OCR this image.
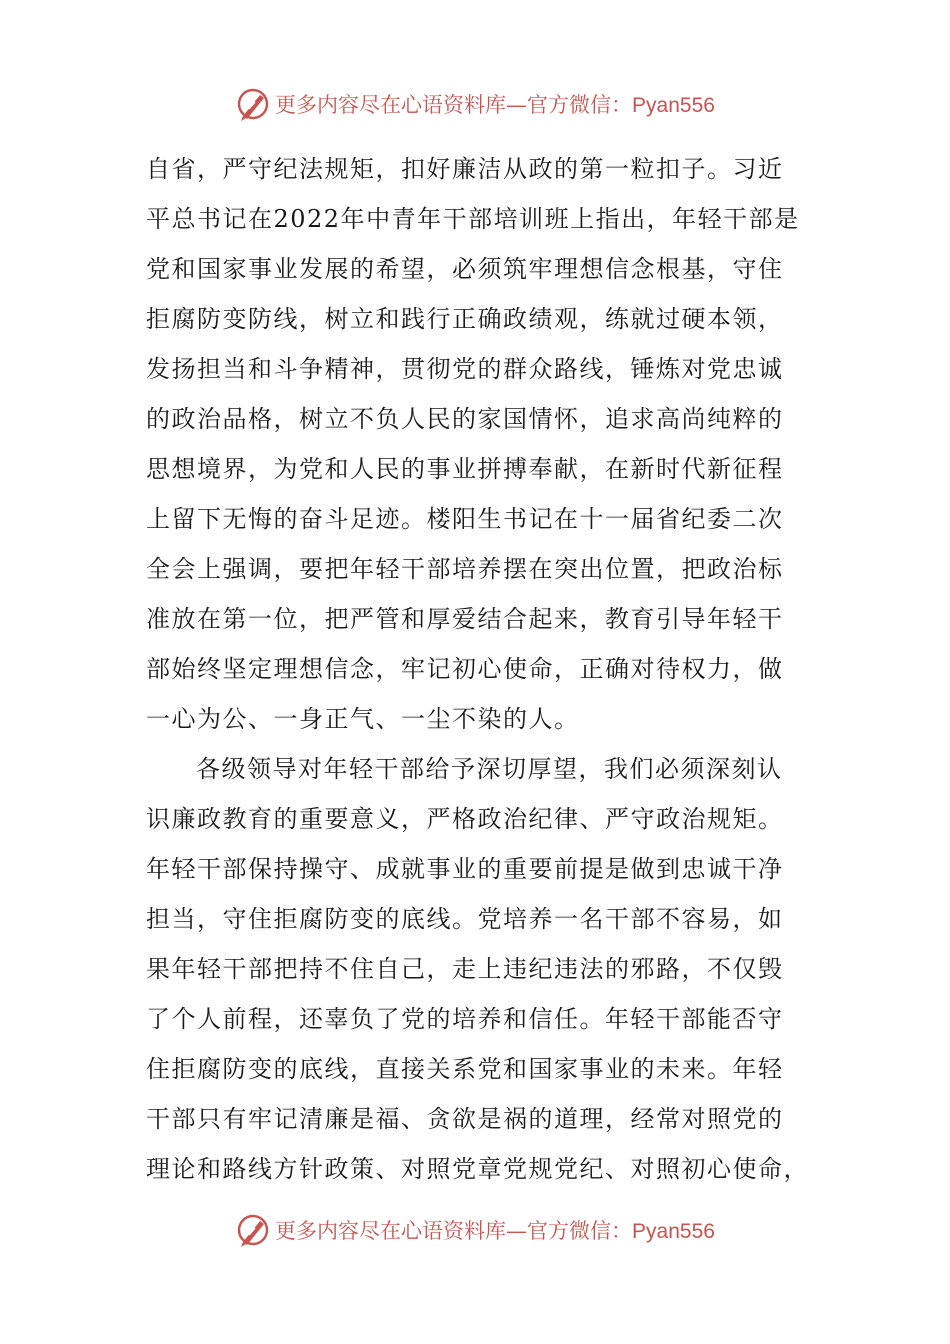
更多内容尽在心语资料库—官方微信：Pyan556
自省，严守纪法规矩，扣好廉洁从政的第一粒扣子。习近
平总书记在2022年中青年干部培训班上指出，年轻干部是
党和国家事业发展的希望，必须筑牢理想信念根基，守住
拒腐防变防线，树立和践行正确政绩观，练就过硬本领，
发扬担当和斗争精神，贯彻党的群众路线，锤炼对党忠诚
的政治品格，树立不负人民的家国情怀，追求高尚纯粹的
思想境界，为党和人民的事业拼搏奉献，在新时代新征程
上留下无悔的奋斗足迹。楼阳生书记在十一届省纪委二次
全会上强调，要把年轻干部培养摆在突出位置，把政治标
准放在第一位，把严管和厚爱结合起来，教育引导年轻干
部始终坚定理想信念，牢记初心使命，正确对待权力，做
一心为公、一身正气、一尘不染的人。
各级领导对年轻干部给予深切厚望，我们必须深刻认
识廉政教育的重要意义，严格政治纪律、严守政治规矩。
年轻干部保持操守、成就事业的重要前提是做到忠诚干净
担当，守住拒腐防变的底线。党培养一名干部不容易，如
果年轻干部把持不住自己，走上违纪违法的邪路，不仅毁
了个人前程，还辜负了党的培养和信任。年轻干部能否守
住拒腐防变的底线，直接关系党和国家事业的未来。年轻
干部只有牢记清廉是福、贪欲是祸的道理，经常对照党的
理论和路线方针政策、对照党章党规党纪、对照初心使命，
更多内容尽在心语资料库—官方微信：Pyan556
